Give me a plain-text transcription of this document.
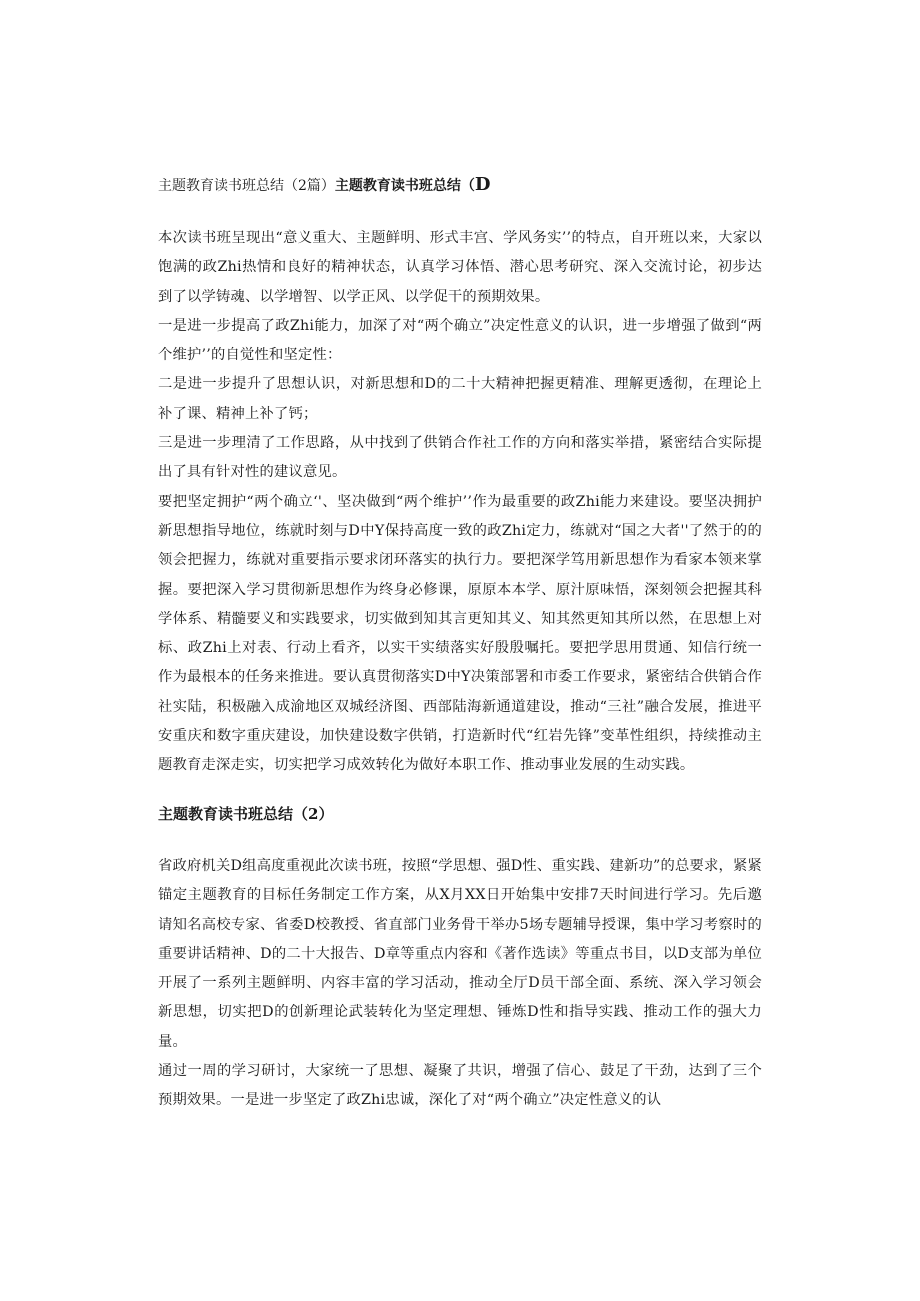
主题教育读书班总结（2篇）主题教育读书班总结（D

本次读书班呈现出“意义重大、主题鲜明、形式丰宫、学风务实’’的特点，自开班以来，大家以饱满的政Zhi热情和良好的精神状态，认真学习体悟、潜心思考研究、深入交流讨论，初步达到了以学铸魂、以学增智、以学正风、以学促干的预期效果。

一是进一步提高了政Zhi能力，加深了对“两个确立”决定性意义的认识，进一步增强了做到“两个维护’’的自觉性和坚定性：

二是进一步提升了思想认识，对新思想和D的二十大精神把握更精准、理解更透彻，在理论上补了课、精神上补了钙；

三是进一步理清了工作思路，从中找到了供销合作社工作的方向和落实举措，紧密结合实际提出了具有针对性的建议意见。

要把坚定拥护“两个确立‘'、坚决做到“两个维护’’作为最重要的政Zhi能力来建设。要坚决拥护新思想指导地位，练就时刻与D中Y保持高度一致的政Zhi定力，练就对“国之大者''了然于的的领会把握力，练就对重要指示要求闭环落实的执行力。要把深学笃用新思想作为看家本领来掌握。要把深入学习贯彻新思想作为终身必修课，原原本本学、原汁原味悟，深刻领会把握其科学体系、精髓要义和实践要求，切实做到知其言更知其义、知其然更知其所以然，在思想上对标、政Zhi上对表、行动上看齐，以实干实绩落实好殷殷嘱托。要把学思用贯通、知信行统一作为最根本的任务来推进。要认真贯彻落实D中Y决策部署和市委工作要求，紧密结合供销合作社实陆，积极融入成渝地区双城经济图、西部陆海新通道建设，推动“三社”融合发展，推进平安重庆和数字重庆建设，加快建设数字供销，打造新时代“红岩先锋”变革性组织，持续推动主题教育走深走实，切实把学习成效转化为做好本职工作、推动事业发展的生动实践。

主题教育读书班总结（2）

省政府机关D组高度重视此次读书班，按照“学思想、强D性、重实践、建新功”的总要求，紧紧锚定主题教育的目标任务制定工作方案，从X月XX日开始集中安排7天时间进行学习。先后邀请知名高校专家、省委D校教授、省直部门业务骨干举办5场专题辅导授课，集中学习考察时的重要讲话精神、D的二十大报告、D章等重点内容和《著作选读》等重点书目，以D支部为单位开展了一系列主题鲜明、内容丰富的学习活动，推动全厅D员干部全面、系统、深入学习领会新思想，切实把D的创新理论武装转化为坚定理想、锤炼D性和指导实践、推动工作的强大力量。

通过一周的学习研讨，大家统一了思想、凝聚了共识，增强了信心、鼓足了干劲，达到了三个预期效果。一是进一步坚定了政Zhi忠诚，深化了对“两个确立”决定性意义的认
